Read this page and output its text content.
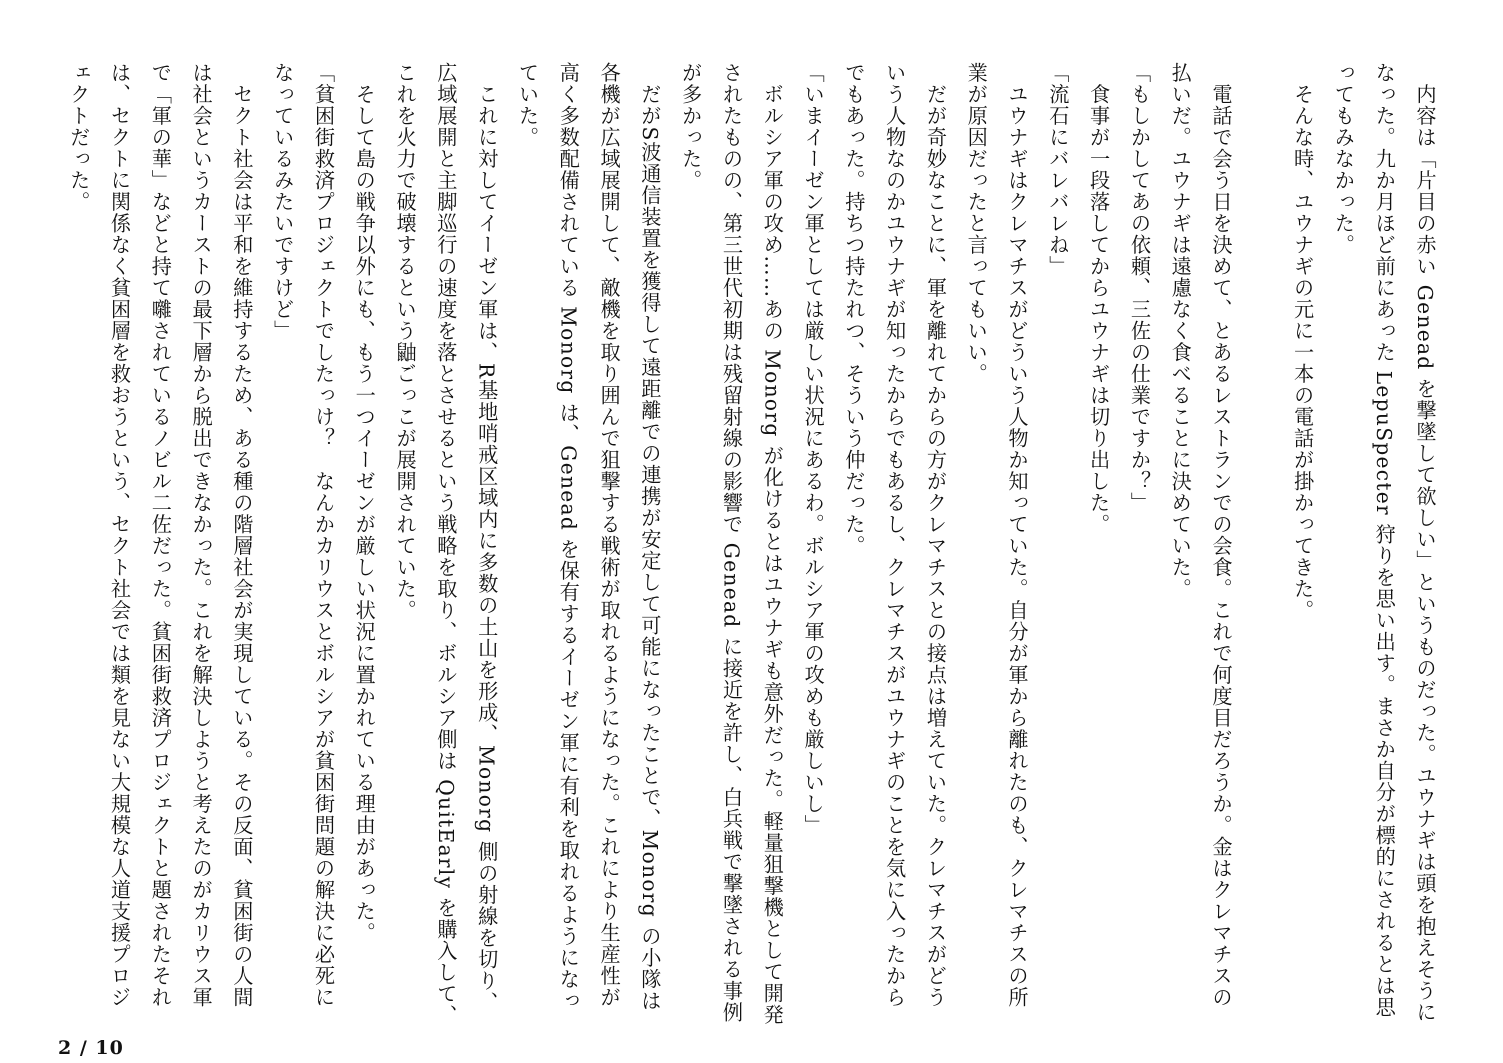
　内容は「片目の赤い Genead を撃墜して欲しい」というものだった。ユウナギは頭を抱えそうになった。九か月ほど前にあった LepuSpecter 狩りを思い出す。まさか自分が標的にされるとは思ってもみなかった。

　そんな時、ユウナギの元に一本の電話が掛かってきた。

　電話で会う日を決めて、とあるレストランでの会食。これで何度目だろうか。金はクレマチスの払いだ。ユウナギは遠慮なく食べることに決めていた。

「もしかしてあの依頼、三佐の仕業ですか？」

　食事が一段落してからユウナギは切り出した。

「流石にバレバレね」

　ユウナギはクレマチスがどういう人物か知っていた。自分が軍から離れたのも、クレマチスの所業が原因だったと言ってもいい。

　だが奇妙なことに、軍を離れてからの方がクレマチスとの接点は増えていた。クレマチスがどういう人物なのかユウナギが知ったからでもあるし、クレマチスがユウナギのことを気に入ったからでもあった。持ちつ持たれつ、そういう仲だった。

「いまイーゼン軍としては厳しい状況にあるわ。ボルシア軍の攻めも厳しいし」

　ボルシア軍の攻め……あの Monorg が化けるとはユウナギも意外だった。軽量狙撃機として開発されたものの、第三世代初期は残留射線の影響で Genead に接近を許し、白兵戦で撃墜される事例が多かった。

　だがS波通信装置を獲得して遠距離での連携が安定して可能になったことで、Monorg の小隊は各機が広域展開して、敵機を取り囲んで狙撃する戦術が取れるようになった。これにより生産性が高く多数配備されている Monorg は、Genead を保有するイーゼン軍に有利を取れるようになっていた。

　これに対してイーゼン軍は、R基地哨戒区域内に多数の土山を形成、Monorg 側の射線を切り、広域展開と主脚巡行の速度を落とさせるという戦略を取り、ボルシア側は QuitEarly を購入して、これを火力で破壊するという鼬ごっこが展開されていた。

　そして島の戦争以外にも、もう一つイーゼンが厳しい状況に置かれている理由があった。

「貧困街救済プロジェクトでしたっけ？　なんかカリウスとボルシアが貧困街問題の解決に必死になっているみたいですけど」

　セクト社会は平和を維持するため、ある種の階層社会が実現している。その反面、貧困街の人間は社会というカーストの最下層から脱出できなかった。これを解決しようと考えたのがカリウス軍で「軍の華」などと持て囃されているノビル二佐だった。貧困街救済プロジェクトと題されたそれは、セクトに関係なく貧困層を救おうという、セクト社会では類を見ない大規模な人道支援プロジェクトだった。

2 / 10
